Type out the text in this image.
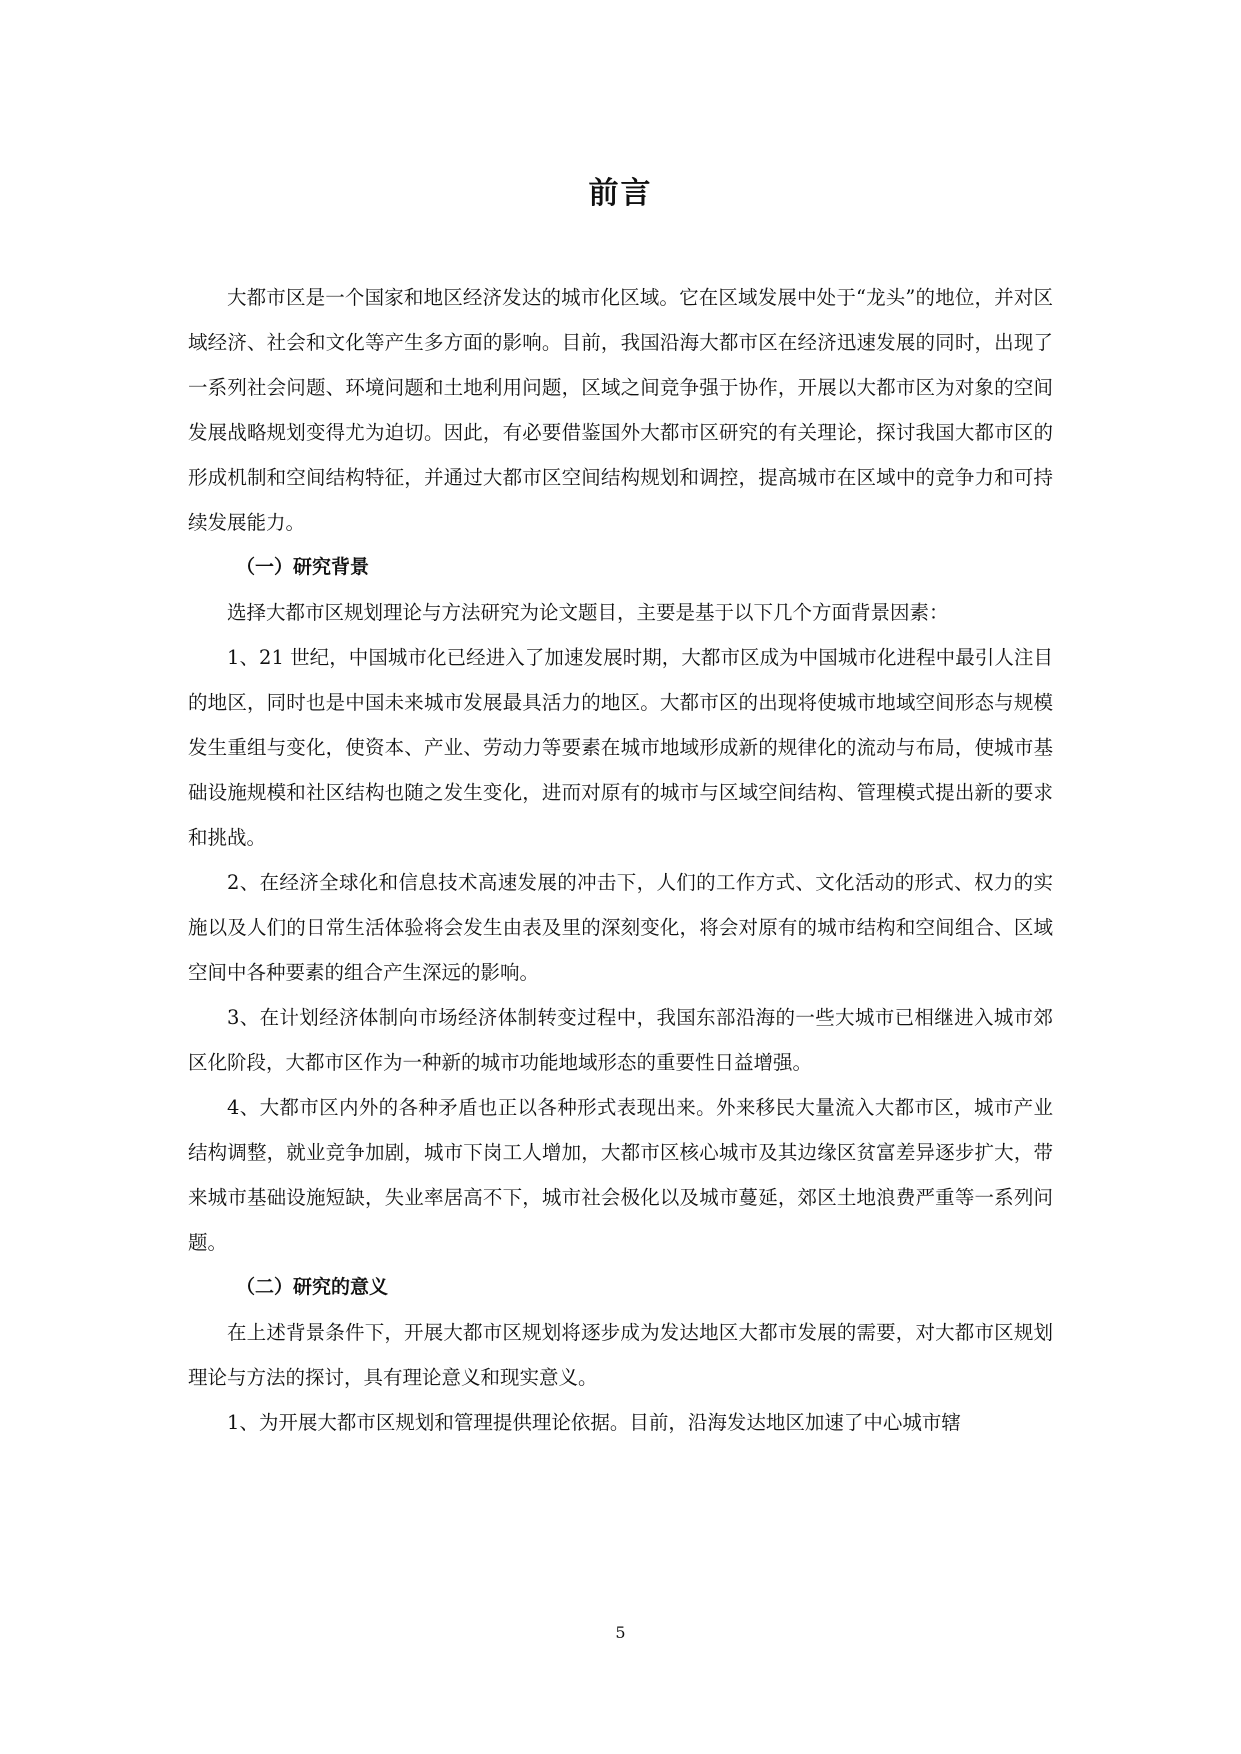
前言

大都市区是一个国家和地区经济发达的城市化区域。它在区域发展中处于“龙头”的地位，并对区域经济、社会和文化等产生多方面的影响。目前，我国沿海大都市区在经济迅速发展的同时，出现了一系列社会问题、环境问题和土地利用问题，区域之间竞争强于协作，开展以大都市区为对象的空间发展战略规划变得尤为迫切。因此，有必要借鉴国外大都市区研究的有关理论，探讨我国大都市区的形成机制和空间结构特征，并通过大都市区空间结构规划和调控，提高城市在区域中的竞争力和可持续发展能力。

（一）研究背景

选择大都市区规划理论与方法研究为论文题目，主要是基于以下几个方面背景因素：

1、21 世纪，中国城市化已经进入了加速发展时期，大都市区成为中国城市化进程中最引人注目的地区，同时也是中国未来城市发展最具活力的地区。大都市区的出现将使城市地域空间形态与规模发生重组与变化，使资本、产业、劳动力等要素在城市地域形成新的规律化的流动与布局，使城市基础设施规模和社区结构也随之发生变化，进而对原有的城市与区域空间结构、管理模式提出新的要求和挑战。

2、在经济全球化和信息技术高速发展的冲击下，人们的工作方式、文化活动的形式、权力的实施以及人们的日常生活体验将会发生由表及里的深刻变化，将会对原有的城市结构和空间组合、区域空间中各种要素的组合产生深远的影响。

3、在计划经济体制向市场经济体制转变过程中，我国东部沿海的一些大城市已相继进入城市郊区化阶段，大都市区作为一种新的城市功能地域形态的重要性日益增强。

4、大都市区内外的各种矛盾也正以各种形式表现出来。外来移民大量流入大都市区，城市产业结构调整，就业竞争加剧，城市下岗工人增加，大都市区核心城市及其边缘区贫富差异逐步扩大，带来城市基础设施短缺，失业率居高不下，城市社会极化以及城市蔓延，郊区土地浪费严重等一系列问题。

（二）研究的意义

在上述背景条件下，开展大都市区规划将逐步成为发达地区大都市发展的需要，对大都市区规划理论与方法的探讨，具有理论意义和现实意义。

1、为开展大都市区规划和管理提供理论依据。目前，沿海发达地区加速了中心城市辖

5
